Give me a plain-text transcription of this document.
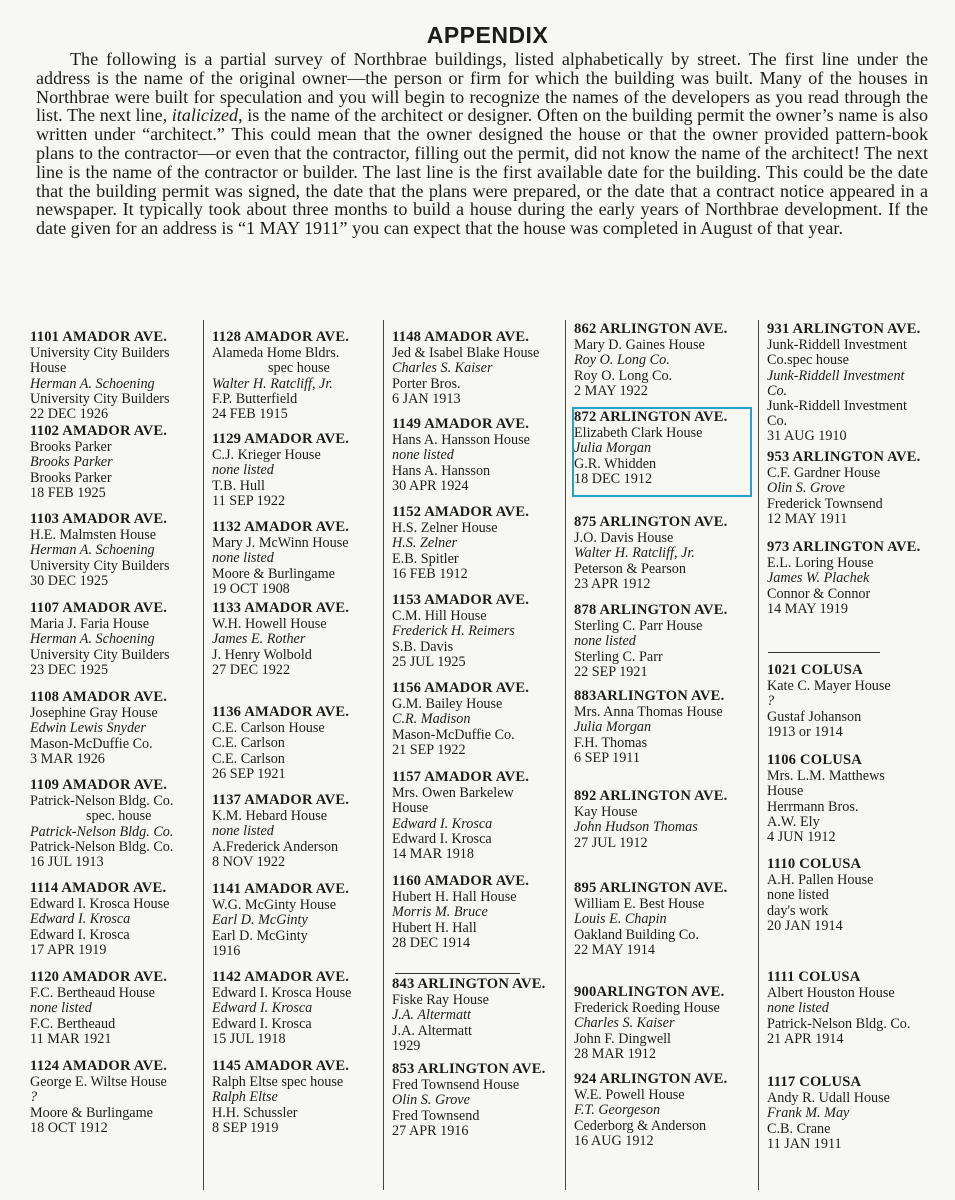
APPENDIX

The following is a partial survey of Northbrae buildings, listed alphabetically by street. The first line under the address is the name of the original owner—the person or firm for which the building was built. Many of the houses in Northbrae were built for speculation and you will begin to recognize the names of the developers as you read through the list. The next line, italicized, is the name of the architect or designer. Often on the building permit the owner’s name is also written under “architect.” This could mean that the owner designed the house or that the owner provided pattern-book plans to the contractor—or even that the contractor, filling out the permit, did not know the name of the architect! The next line is the name of the contractor or builder. The last line is the first available date for the building. This could be the date that the building permit was signed, the date that the plans were prepared, or the date that a contract notice appeared in a newspaper. It typically took about three months to build a house during the early years of Northbrae development. If the date given for an address is “1 MAY 1911” you can expect that the house was completed in August of that year.

1101 AMADOR AVE.
University City Builders
House
Herman A. Schoening
University City Builders
22 DEC 1926
1102 AMADOR AVE.
Brooks Parker
Brooks Parker
Brooks Parker
18 FEB 1925
1103 AMADOR AVE.
H.E. Malmsten House
Herman A. Schoening
University City Builders
30 DEC 1925
1107 AMADOR AVE.
Maria J. Faria House
Herman A. Schoening
University City Builders
23 DEC 1925
1108 AMADOR AVE.
Josephine Gray House
Edwin Lewis Snyder
Mason-McDuffie Co.
3 MAR 1926
1109 AMADOR AVE.
Patrick-Nelson Bldg. Co.
spec. house
Patrick-Nelson Bldg. Co.
Patrick-Nelson Bldg. Co.
16 JUL 1913
1114 AMADOR AVE.
Edward I. Krosca House
Edward I. Krosca
Edward I. Krosca
17 APR 1919
1120 AMADOR AVE.
F.C. Bertheaud House
none listed
F.C. Bertheaud
11 MAR 1921
1124 AMADOR AVE.
George E. Wiltse House
?
Moore & Burlingame
18 OCT 1912
1128 AMADOR AVE.
Alameda Home Bldrs.
spec house
Walter H. Ratcliff, Jr.
F.P. Butterfield
24 FEB 1915
1129 AMADOR AVE.
C.J. Krieger House
none listed
T.B. Hull
11 SEP 1922
1132 AMADOR AVE.
Mary J. McWinn House
none listed
Moore & Burlingame
19 OCT 1908
1133 AMADOR AVE.
W.H. Howell House
James E. Rother
J. Henry Wolbold
27 DEC 1922
1136 AMADOR AVE.
C.E. Carlson House
C.E. Carlson
C.E. Carlson
26 SEP 1921
1137 AMADOR AVE.
K.M. Hebard House
none listed
A.Frederick Anderson
8 NOV 1922
1141 AMADOR AVE.
W.G. McGinty House
Earl D. McGinty
Earl D. McGinty
1916
1142 AMADOR AVE.
Edward I. Krosca House
Edward I. Krosca
Edward I. Krosca
15 JUL 1918
1145 AMADOR AVE.
Ralph Eltse spec house
Ralph Eltse
H.H. Schussler
8 SEP 1919
1148 AMADOR AVE.
Jed & Isabel Blake House
Charles S. Kaiser
Porter Bros.
6 JAN 1913
1149 AMADOR AVE.
Hans A. Hansson House
none listed
Hans A. Hansson
30 APR 1924
1152 AMADOR AVE.
H.S. Zelner House
H.S. Zelner
E.B. Spitler
16 FEB 1912
1153 AMADOR AVE.
C.M. Hill House
Frederick H. Reimers
S.B. Davis
25 JUL 1925
1156 AMADOR AVE.
G.M. Bailey House
C.R. Madison
Mason-McDuffie Co.
21 SEP 1922
1157 AMADOR AVE.
Mrs. Owen Barkelew
House
Edward I. Krosca
Edward I. Krosca
14 MAR 1918
1160 AMADOR AVE.
Hubert H. Hall House
Morris M. Bruce
Hubert H. Hall
28 DEC 1914
843 ARLINGTON AVE.
Fiske Ray House
J.A. Altermatt
J.A. Altermatt
1929
853 ARLINGTON AVE.
Fred Townsend House
Olin S. Grove
Fred Townsend
27 APR 1916
862 ARLINGTON AVE.
Mary D. Gaines House
Roy O. Long Co.
Roy O. Long Co.
2 MAY 1922
872 ARLINGTON AVE.
Elizabeth Clark House
Julia Morgan
G.R. Whidden
18 DEC 1912
875 ARLINGTON AVE.
J.O. Davis House
Walter H. Ratcliff, Jr.
Peterson & Pearson
23 APR 1912
878 ARLINGTON AVE.
Sterling C. Parr House
none listed
Sterling C. Parr
22 SEP 1921
883ARLINGTON AVE.
Mrs. Anna Thomas House
Julia Morgan
F.H. Thomas
6 SEP 1911
892 ARLINGTON AVE.
Kay House
John Hudson Thomas
27 JUL 1912
895 ARLINGTON AVE.
William E. Best House
Louis E. Chapin
Oakland Building Co.
22 MAY 1914
900ARLINGTON AVE.
Frederick Roeding House
Charles S. Kaiser
John F. Dingwell
28 MAR 1912
924 ARLINGTON AVE.
W.E. Powell House
F.T. Georgeson
Cederborg & Anderson
16 AUG 1912
931 ARLINGTON AVE.
Junk-Riddell Investment
Co.spec house
Junk-Riddell Investment
Co.
Junk-Riddell Investment
Co.
31 AUG 1910
953 ARLINGTON AVE.
C.F. Gardner House
Olin S. Grove
Frederick Townsend
12 MAY 1911
973 ARLINGTON AVE.
E.L. Loring House
James W. Plachek
Connor & Connor
14 MAY 1919
1021 COLUSA
Kate C. Mayer House
?
Gustaf Johanson
1913 or 1914
1106 COLUSA
Mrs. L.M. Matthews
House
Herrmann Bros.
A.W. Ely
4 JUN 1912
1110 COLUSA
A.H. Pallen House
none listed
day's work
20 JAN 1914
1111 COLUSA
Albert Houston House
none listed
Patrick-Nelson Bldg. Co.
21 APR 1914
1117 COLUSA
Andy R. Udall House
Frank M. May
C.B. Crane
11 JAN 1911
